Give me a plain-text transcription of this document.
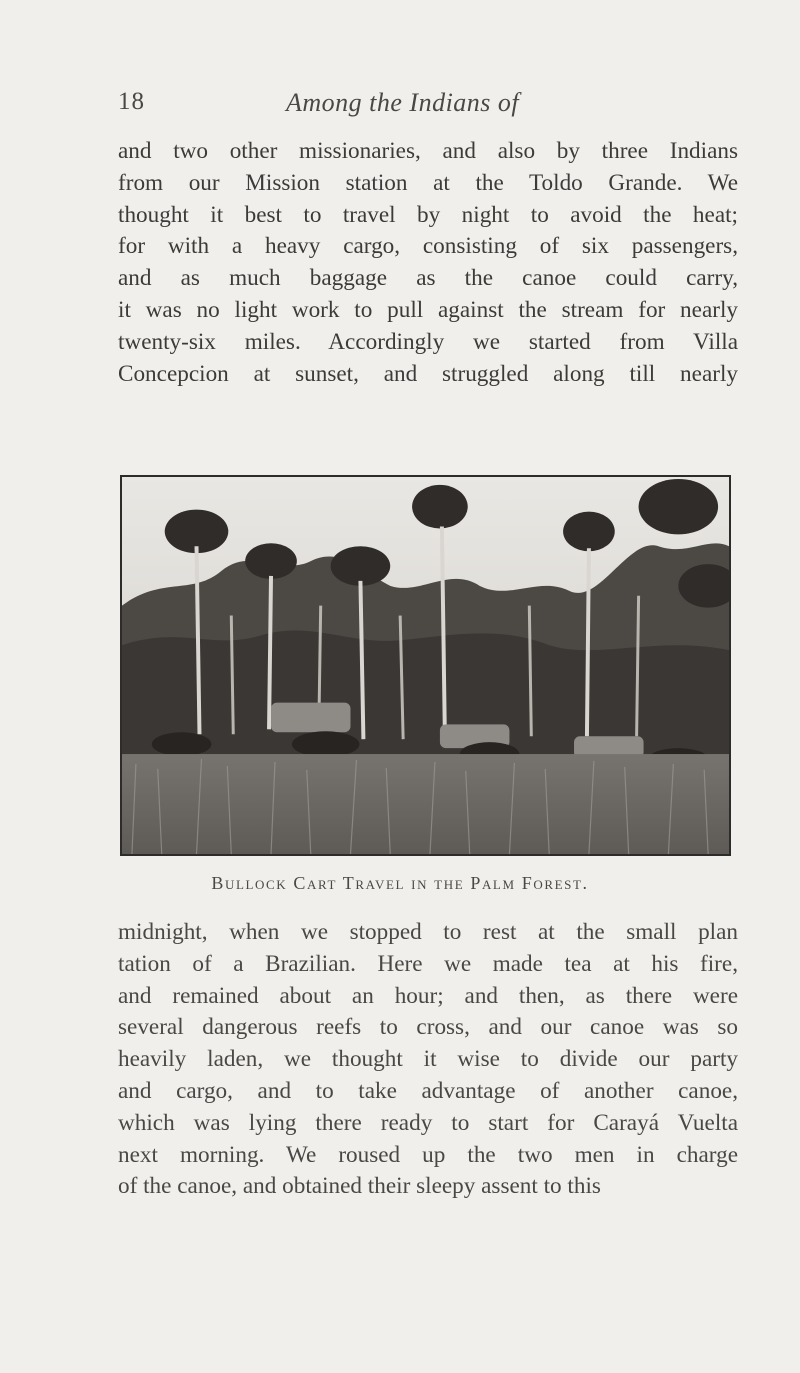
18	Among the Indians of
and two other missionaries, and also by three Indians
from our Mission station at the Toldo Grande. We
thought it best to travel by night to avoid the heat;
for with a heavy cargo, consisting of six passengers,
and as much baggage as the canoe could carry,
it was no light work to pull against the stream for nearly
twenty-six miles. Accordingly we started from Villa
Concepcion at sunset, and struggled along till nearly
Bullock Cart Travel in the Palm Forest.
midnight, when we stopped to rest at the small plan
tation of a Brazilian. Here we made tea at his fire,
and remained about an hour; and then, as there were
several dangerous reefs to cross, and our canoe was so
heavily laden, we thought it wise to divide our party
and cargo, and to take advantage of another canoe,
which was lying there ready to start for Carayá Vuelta
next morning. We roused up the two men in charge
of the canoe, and obtained their sleepy assent to this
